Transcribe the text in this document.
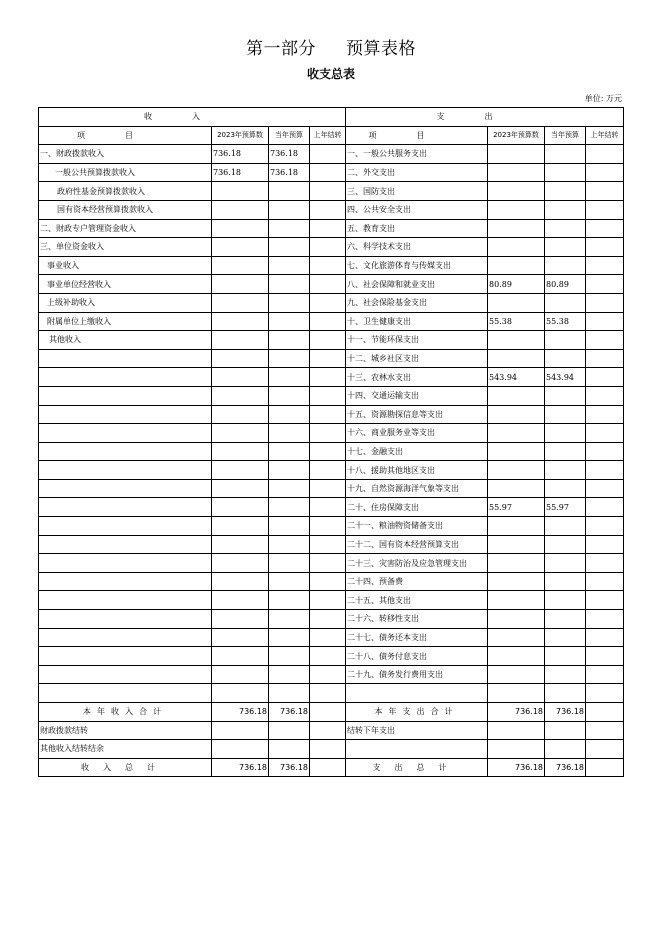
第一部分 预算表格
收支总表
单位: 万元
收入				支出			
项目	2023年预算数	当年预算	上年结转	项目	2023年预算数	当年预算	上年结转
一、财政拨款收入	736.18	736.18		一、一般公共服务支出			
一般公共预算拨款收入	736.18	736.18		二、外交支出			
政府性基金预算拨款收入				三、国防支出			
国有资本经营预算拨款收入				四、公共安全支出			
二、财政专户管理资金收入				五、教育支出			
三、单位资金收入				六、科学技术支出			
事业收入				七、文化旅游体育与传媒支出			
事业单位经营收入				八、社会保障和就业支出	80.89	80.89	
上级补助收入				九、社会保险基金支出			
附属单位上缴收入				十、卫生健康支出	55.38	55.38	
其他收入				十一、节能环保支出			
				十二、城乡社区支出			
				十三、农林水支出	543.94	543.94	
				十四、交通运输支出			
				十五、资源勘探信息等支出			
				十六、商业服务业等支出			
				十七、金融支出			
				十八、援助其他地区支出			
				十九、自然资源海洋气象等支出			
				二十、住房保障支出	55.97	55.97	
				二十一、粮油物资储备支出			
				二十二、国有资本经营预算支出			
				二十三、灾害防治及应急管理支出			
				二十四、预备费			
				二十五、其他支出			
				二十六、转移性支出			
				二十七、债务还本支出			
				二十八、债务付息支出			
				二十九、债务发行费用支出			

本年收入合计	736.18	736.18		本年支出合计	736.18	736.18	
财政拨款结转				结转下年支出			
其他收入结转结余							
收入总计	736.18	736.18		支出总计	736.18	736.18	
